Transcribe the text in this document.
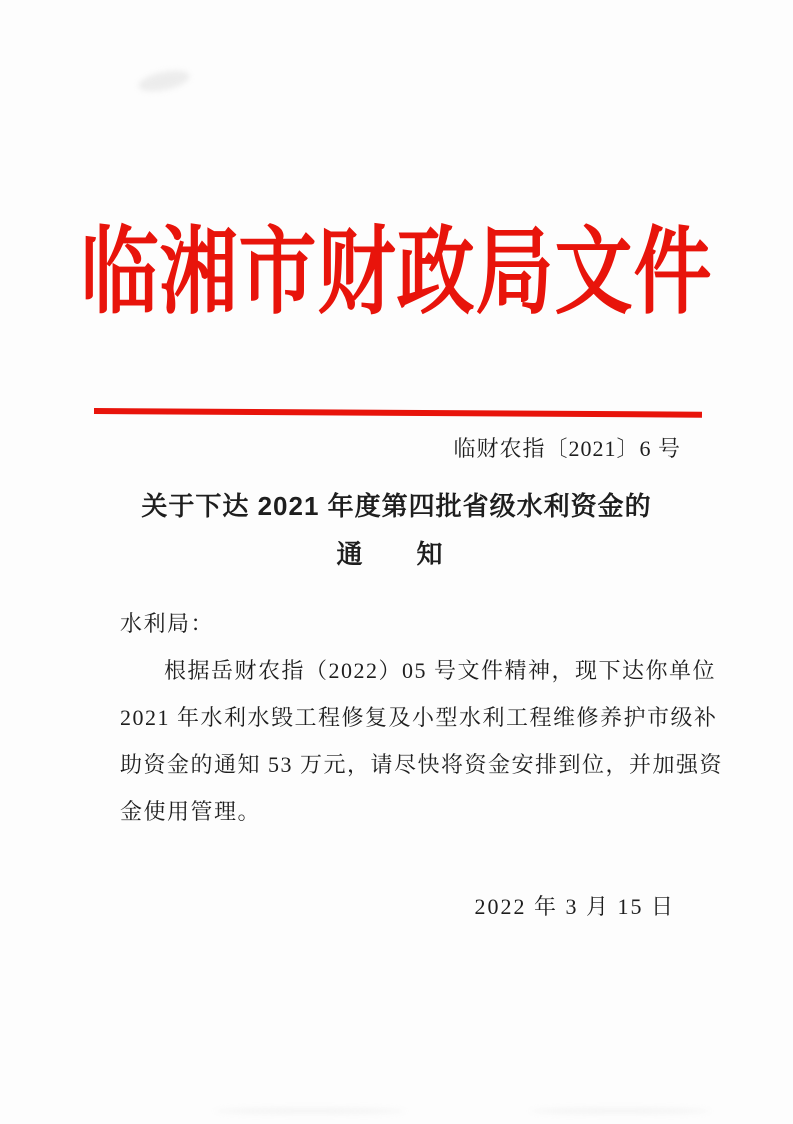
临湘市财政局文件
临财农指〔2021〕6 号
关于下达 2021 年度第四批省级水利资金的
通　知

水利局：

根据岳财农指（2022）05 号文件精神，现下达你单位
2021 年水利水毁工程修复及小型水利工程维修养护市级补
助资金的通知 53 万元，请尽快将资金安排到位，并加强资
金使用管理。

2022 年 3 月 15 日
